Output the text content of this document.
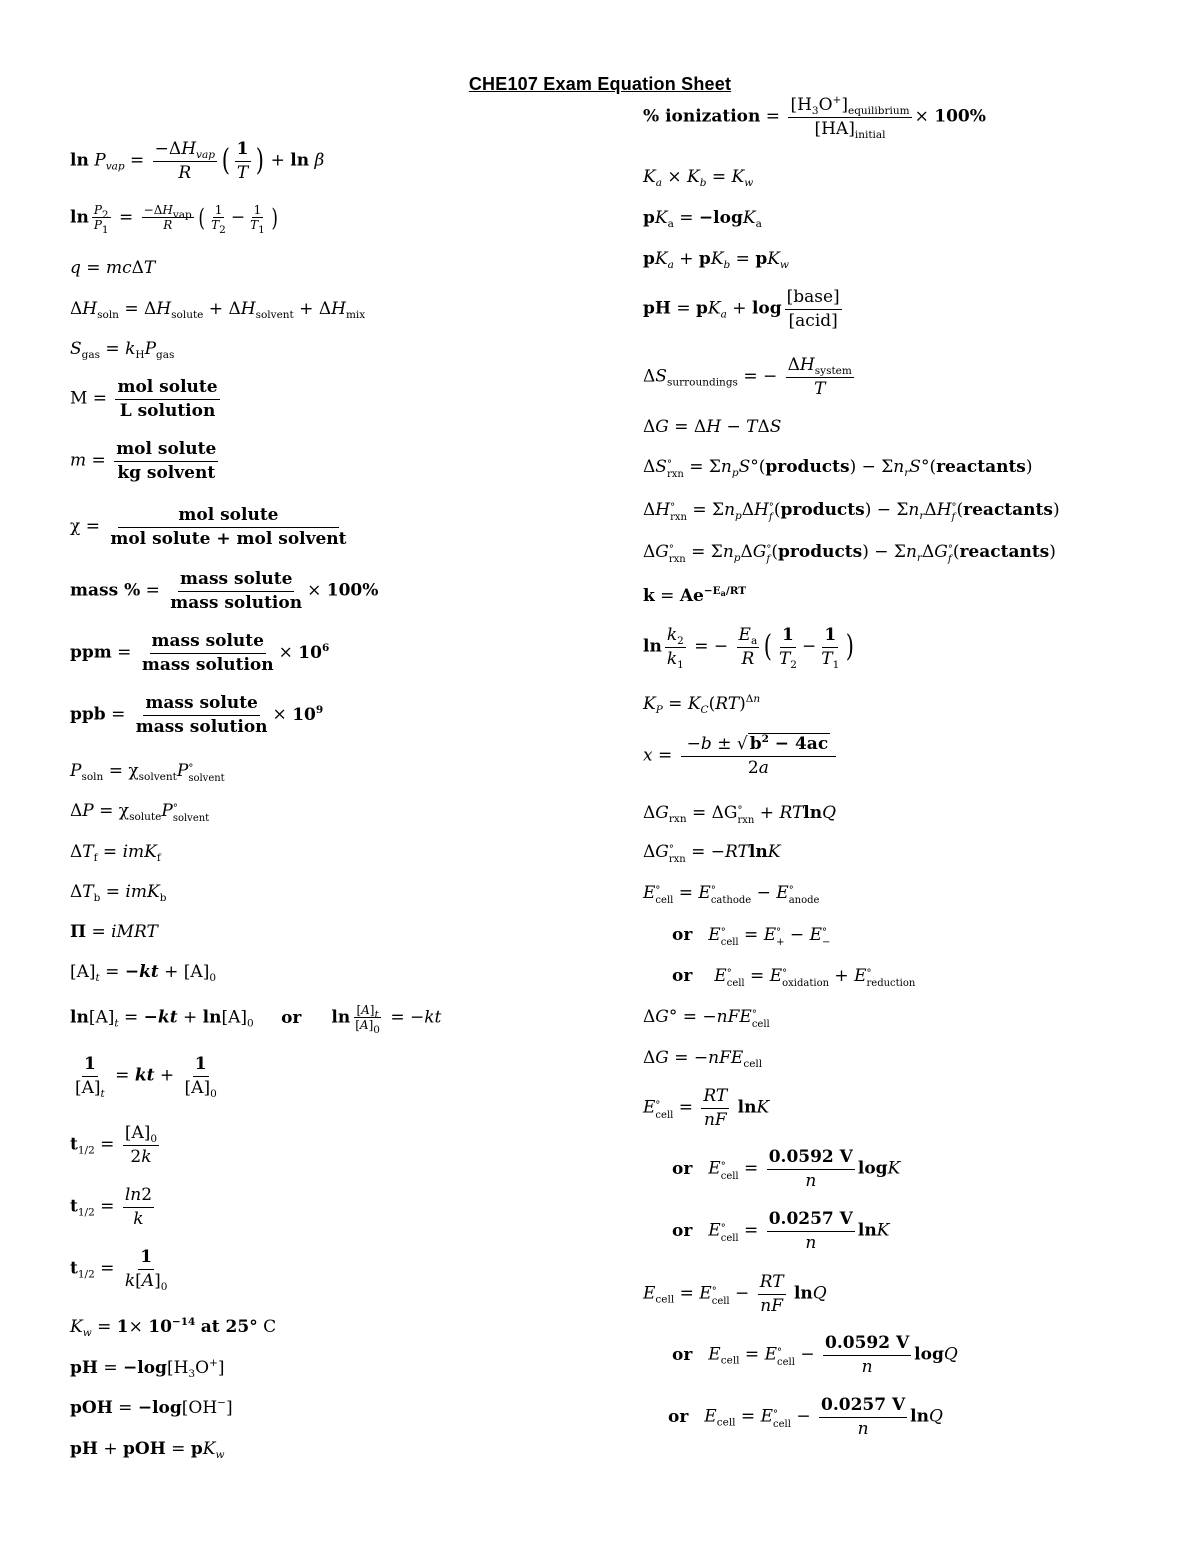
CHE107 Exam Equation Sheet
$\ln P_{vap} = \frac{-\Delta H_{vap}}{R}$ ( $\frac{1}{T}$ ) + ln β
$\ln \frac{P_2}{P_1} = \frac{-\Delta H_{vap}}{R}$ ( $\frac{1}{T_2} - \frac{1}{T_1}$ )
q = mcΔT
$\Delta H_{soln} = \Delta H_{solute} + \Delta H_{solvent} + \Delta H_{mix}$
$S_{gas} = k_HP_{gas}$
$M = \frac{\text{mol solute}}{\text{L solution}}$
$m = \frac{\text{mol solute}}{\text{kg solvent}}$
$\chi = \frac{\text{mol solute}}{\text{mol solute + mol solvent}}$
mass % = $\frac{\text{mass solute}}{\text{mass solution}} \times 100\%$
ppm = $\frac{\text{mass solute}}{\text{mass solution}} \times 10^6$
ppb = $\frac{\text{mass solute}}{\text{mass solution}} \times 10^9$
$P_{soln} = \chi_{solvent}P$ °
solvent
$\Delta P = \chi_{solute}P$ °
solvent
$\Delta T_f = imK_f$
$\Delta T_b = imK_b$
Π = iMRT
$[A]_t = -kt + [A]_0$
$\ln[A]_t = -kt + \ln[A]_0$ or $\ln \frac{[A]_t}{[A]_0} = -kt$
$\frac{1}{[A]_t}$ = kt + $\frac{1}{[A]_0}$
$t_{1/2} = \frac{[A]_0}{2k}$
$t_{1/2} = \frac{\ln 2}{k}$
$t_{1/2} = \frac{1}{k[A]_0}$
$K_w = 1\times 10^{-14}$ at 25° C
pH = $-\log[H_3O^+]$
pOH = −log[OH−]
pH + pOH = $pK_w$
% ionization = $\frac{[H_3O^+]_{equilibrium}}{[HA]_{initial}} \times 100\%$
$K_a \times K_b = K_w$
$pK_a = -\log K_a$
$pK_a + pK_b = pK_w$
pH = $pK_a + \log \frac{\text{[base]}}{\text{[acid]}}$
$\Delta S_{surroundings}$ = − $\frac{\Delta H_{system}}{T}$
ΔG = ΔH − TΔS
ΔS °
rxn = $\Sigma n_pS^\circ(products)$ − $\Sigma n_rS^\circ(reactants)$
ΔH °
rxn = $\Sigma n_p\Delta H$ °
f (products) − $\Sigma n_r\Delta H$ °
f (reactants)
ΔG °
rxn = $\Sigma n_p\Delta G$ °
f (products) − $\Sigma n_r\Delta G$ °
f (reactants)
$k = Ae^{-E_a/RT}$
$\ln \frac{k_2}{k_1}$ = − $\frac{E_a}{R}$ ( $\frac{1}{T_2} - \frac{1}{T_1}$ )
$K_P = K_C(RT)^{\Delta n}$
$x = \frac{-b \pm √ b^2 - 4ac}{2a}$
$\Delta G_{rxn} = \Delta G$ °
rxn + RTlnQ
ΔG °
rxn = −RTlnK
E °
cell = E °
cathode − E °
anode
or E °
cell = E °
+ − E °
−
or E °
cell = E °
oxidation + E °
reduction
ΔG° = −nFE °
cell
ΔG = −nFE$_{cell}$
E °
cell = $\frac{RT}{nF}$ lnK
or E °
cell = $\frac{0.0592 V}{n}$ logK
or E °
cell = $\frac{0.0257 V}{n}$ lnK
$E_{cell} = E$ °
cell − $\frac{RT}{nF}$ lnQ
or $E_{cell} = E$ °
cell − $\frac{0.0592 V}{n}$ logQ
or $E_{cell} = E$ °
cell − $\frac{0.0257 V}{n}$ lnQ
